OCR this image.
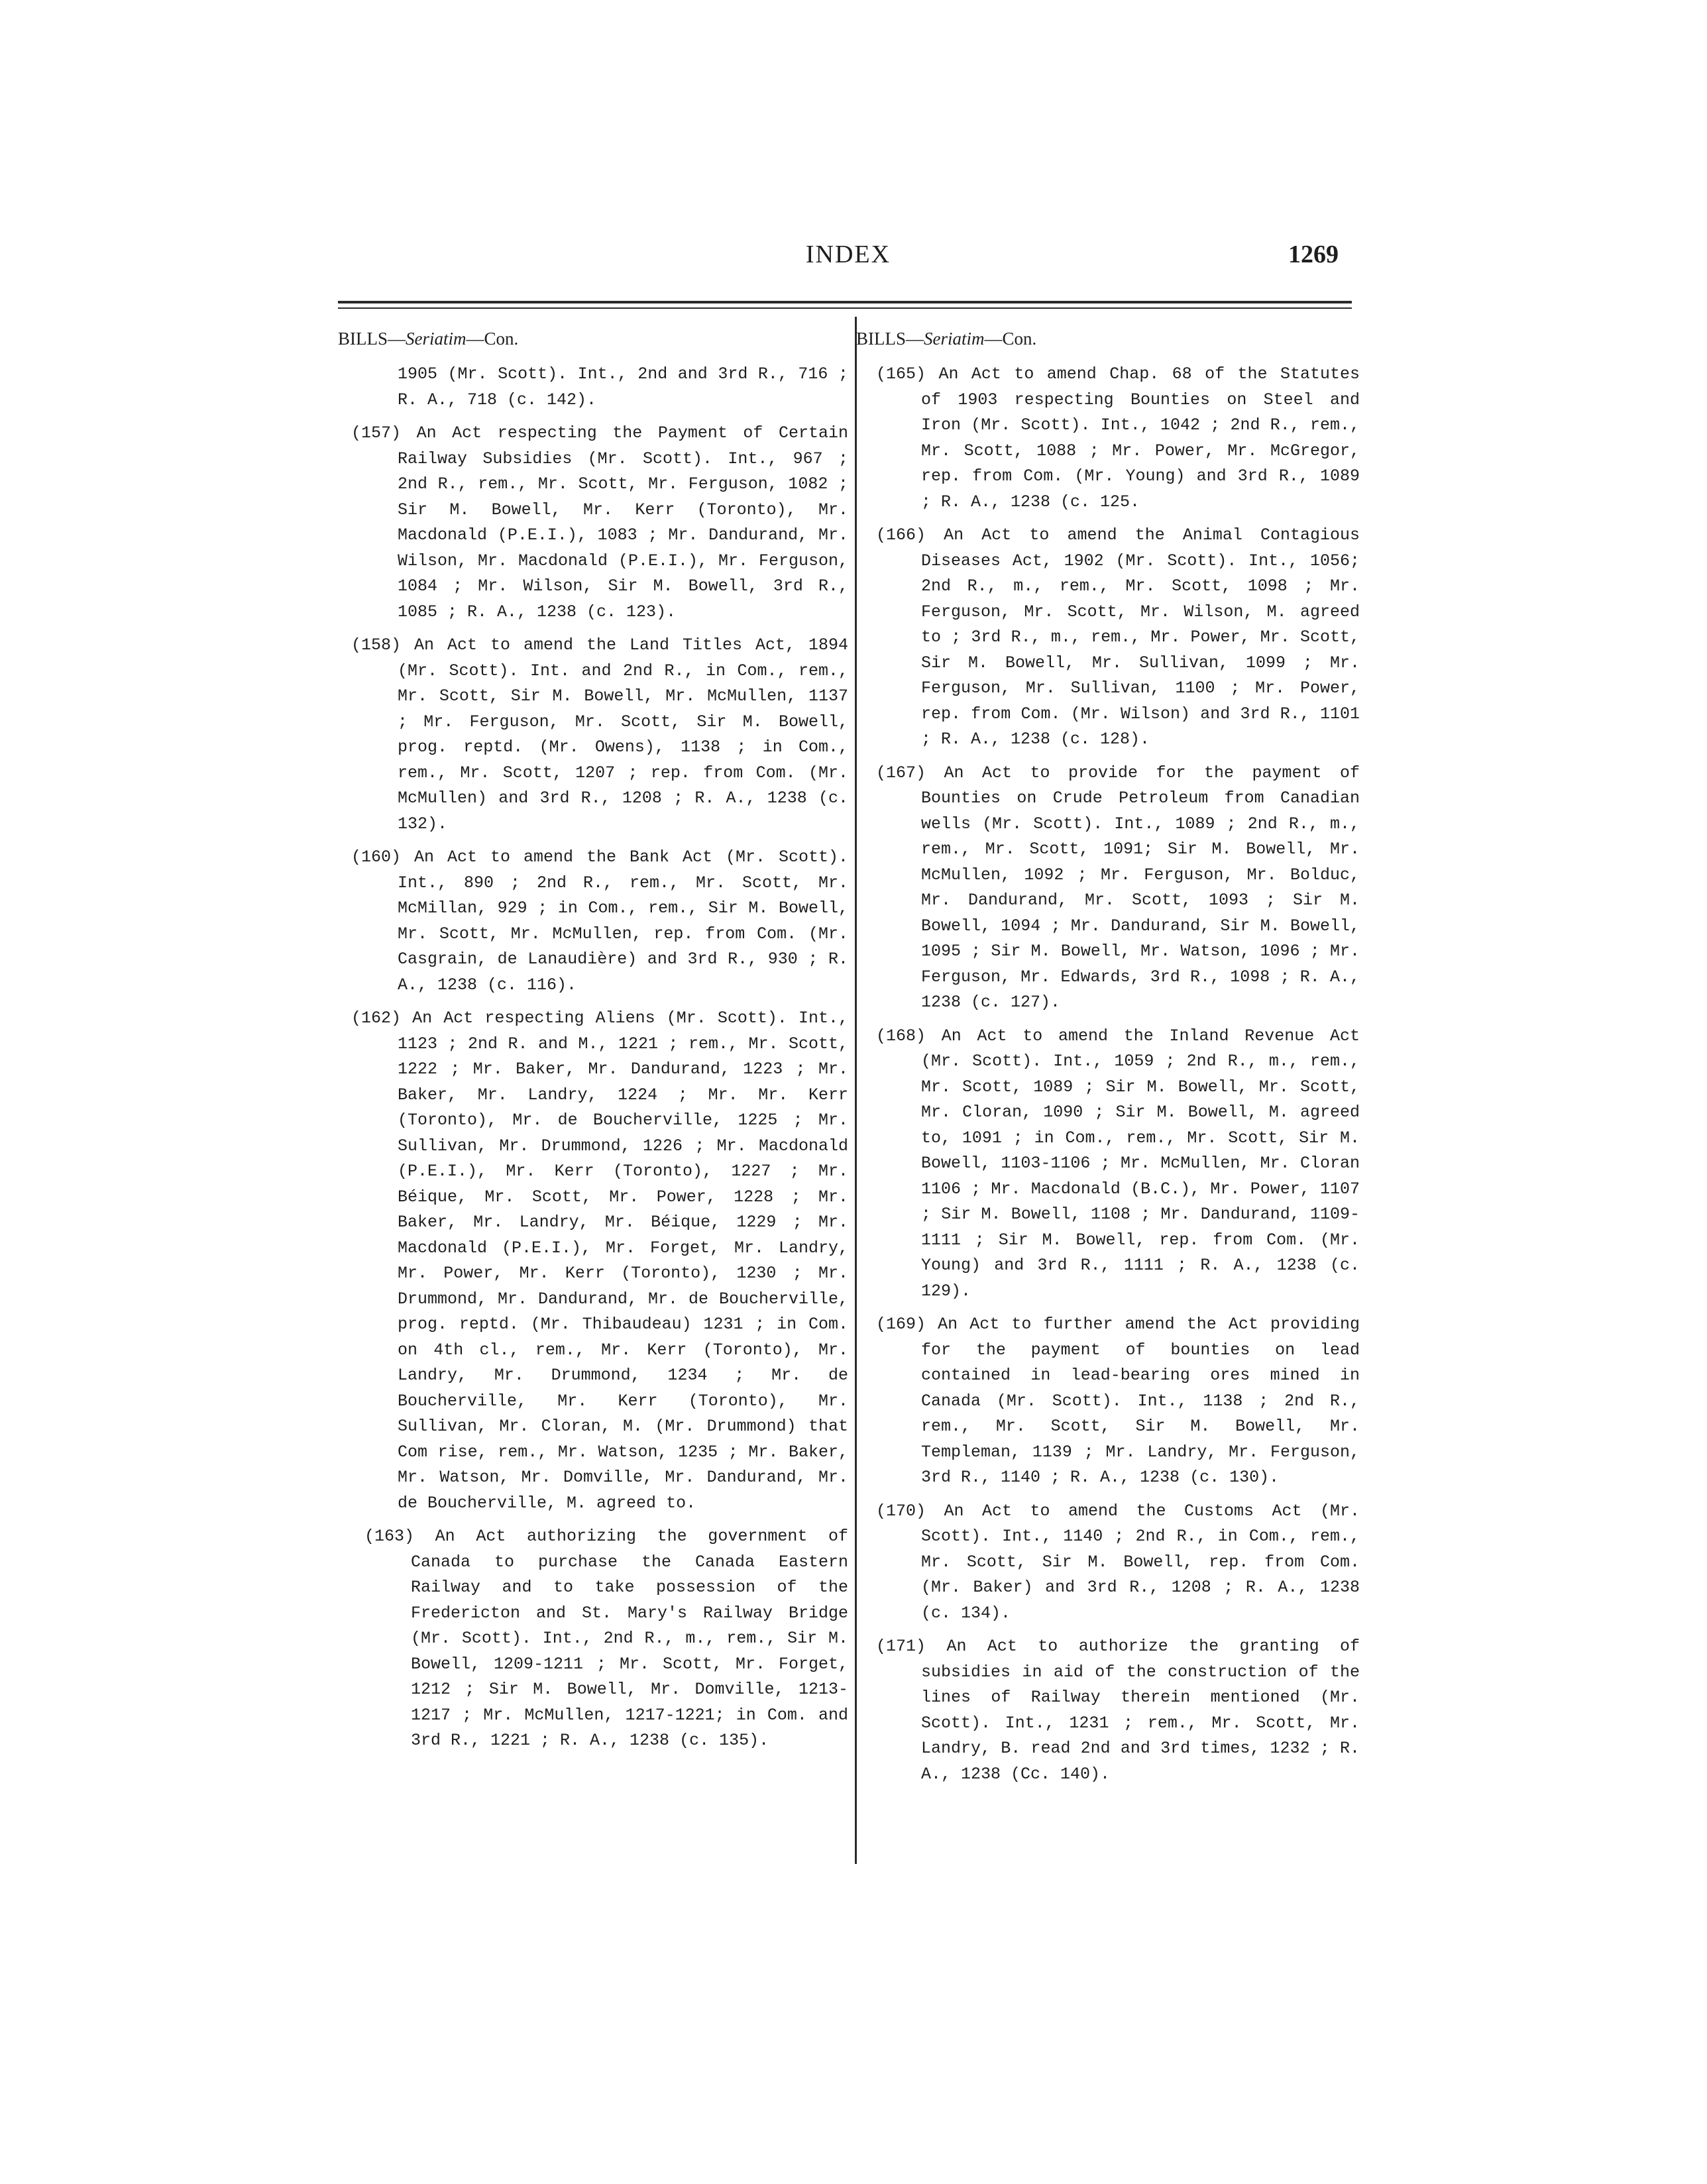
INDEX	1269
BILLS—Seriatim—Con.

1905 (Mr. Scott). Int., 2nd and 3rd R., 716 ; R. A., 718 (c. 142).

(157) An Act respecting the Payment of Certain Railway Subsidies (Mr. Scott). Int., 967 ; 2nd R., rem., Mr. Scott, Mr. Ferguson, 1082 ; Sir M. Bowell, Mr. Kerr (Toronto), Mr. Macdonald (P.E.I.), 1083 ; Mr. Dandurand, Mr. Wilson, Mr. Macdonald (P.E.I.), Mr. Ferguson, 1084 ; Mr. Wilson, Sir M. Bowell, 3rd R., 1085 ; R. A., 1238 (c. 123).

(158) An Act to amend the Land Titles Act, 1894 (Mr. Scott). Int. and 2nd R., in Com., rem., Mr. Scott, Sir M. Bowell, Mr. McMullen, 1137 ; Mr. Ferguson, Mr. Scott, Sir M. Bowell, prog. reptd. (Mr. Owens), 1138 ; in Com., rem., Mr. Scott, 1207 ; rep. from Com. (Mr. McMullen) and 3rd R., 1208 ; R. A., 1238 (c. 132).

(160) An Act to amend the Bank Act (Mr. Scott). Int., 890 ; 2nd R., rem., Mr. Scott, Mr. McMillan, 929 ; in Com., rem., Sir M. Bowell, Mr. Scott, Mr. McMullen, rep. from Com. (Mr. Casgrain, de Lanaudière) and 3rd R., 930 ; R. A., 1238 (c. 116).

(162) An Act respecting Aliens (Mr. Scott). Int., 1123 ; 2nd R. and M., 1221 ; rem., Mr. Scott, 1222 ; Mr. Baker, Mr. Dandurand, 1223 ; Mr. Baker, Mr. Landry, 1224 ; Mr. Mr. Kerr (Toronto), Mr. de Boucherville, 1225 ; Mr. Sullivan, Mr. Drummond, 1226 ; Mr. Macdonald (P.E.I.), Mr. Kerr (Toronto), 1227 ; Mr. Béique, Mr. Scott, Mr. Power, 1228 ; Mr. Baker, Mr. Landry, Mr. Béique, 1229 ; Mr. Macdonald (P.E.I.), Mr. Forget, Mr. Landry, Mr. Power, Mr. Kerr (Toronto), 1230 ; Mr. Drummond, Mr. Dandurand, Mr. de Boucherville, prog. reptd. (Mr. Thibaudeau) 1231 ; in Com. on 4th cl., rem., Mr. Kerr (Toronto), Mr. Landry, Mr. Drummond, 1234 ; Mr. de Boucherville, Mr. Kerr (Toronto), Mr. Sullivan, Mr. Cloran, M. (Mr. Drummond) that Com rise, rem., Mr. Watson, 1235 ; Mr. Baker, Mr. Watson, Mr. Domville, Mr. Dandurand, Mr. de Boucherville, M. agreed to.

(163) An Act authorizing the government of Canada to purchase the Canada Eastern Railway and to take possession of the Fredericton and St. Mary's Railway Bridge (Mr. Scott). Int., 2nd R., m., rem., Sir M. Bowell, 1209-1211 ; Mr. Scott, Mr. Forget, 1212 ; Sir M. Bowell, Mr. Domville, 1213-1217 ; Mr. McMullen, 1217-1221; in Com. and 3rd R., 1221 ; R. A., 1238 (c. 135).

BILLS—Seriatim—Con.

(165) An Act to amend Chap. 68 of the Statutes of 1903 respecting Bounties on Steel and Iron (Mr. Scott). Int., 1042 ; 2nd R., rem., Mr. Scott, 1088 ; Mr. Power, Mr. McGregor, rep. from Com. (Mr. Young) and 3rd R., 1089 ; R. A., 1238 (c. 125.

(166) An Act to amend the Animal Contagious Diseases Act, 1902 (Mr. Scott). Int., 1056; 2nd R., m., rem., Mr. Scott, 1098 ; Mr. Ferguson, Mr. Scott, Mr. Wilson, M. agreed to ; 3rd R., m., rem., Mr. Power, Mr. Scott, Sir M. Bowell, Mr. Sullivan, 1099 ; Mr. Ferguson, Mr. Sullivan, 1100 ; Mr. Power, rep. from Com. (Mr. Wilson) and 3rd R., 1101 ; R. A., 1238 (c. 128).

(167) An Act to provide for the payment of Bounties on Crude Petroleum from Canadian wells (Mr. Scott). Int., 1089 ; 2nd R., m., rem., Mr. Scott, 1091; Sir M. Bowell, Mr. McMullen, 1092 ; Mr. Ferguson, Mr. Bolduc, Mr. Dandurand, Mr. Scott, 1093 ; Sir M. Bowell, 1094 ; Mr. Dandurand, Sir M. Bowell, 1095 ; Sir M. Bowell, Mr. Watson, 1096 ; Mr. Ferguson, Mr. Edwards, 3rd R., 1098 ; R. A., 1238 (c. 127).

(168) An Act to amend the Inland Revenue Act (Mr. Scott). Int., 1059 ; 2nd R., m., rem., Mr. Scott, 1089 ; Sir M. Bowell, Mr. Scott, Mr. Cloran, 1090 ; Sir M. Bowell, M. agreed to, 1091 ; in Com., rem., Mr. Scott, Sir M. Bowell, 1103-1106 ; Mr. McMullen, Mr. Cloran 1106 ; Mr. Macdonald (B.C.), Mr. Power, 1107 ; Sir M. Bowell, 1108 ; Mr. Dandurand, 1109-1111 ; Sir M. Bowell, rep. from Com. (Mr. Young) and 3rd R., 1111 ; R. A., 1238 (c. 129).

(169) An Act to further amend the Act providing for the payment of bounties on lead contained in lead-bearing ores mined in Canada (Mr. Scott). Int., 1138 ; 2nd R., rem., Mr. Scott, Sir M. Bowell, Mr. Templeman, 1139 ; Mr. Landry, Mr. Ferguson, 3rd R., 1140 ; R. A., 1238 (c. 130).

(170) An Act to amend the Customs Act (Mr. Scott). Int., 1140 ; 2nd R., in Com., rem., Mr. Scott, Sir M. Bowell, rep. from Com. (Mr. Baker) and 3rd R., 1208 ; R. A., 1238 (c. 134).

(171) An Act to authorize the granting of subsidies in aid of the construction of the lines of Railway therein mentioned (Mr. Scott). Int., 1231 ; rem., Mr. Scott, Mr. Landry, B. read 2nd and 3rd times, 1232 ; R. A., 1238 (Cc. 140).
